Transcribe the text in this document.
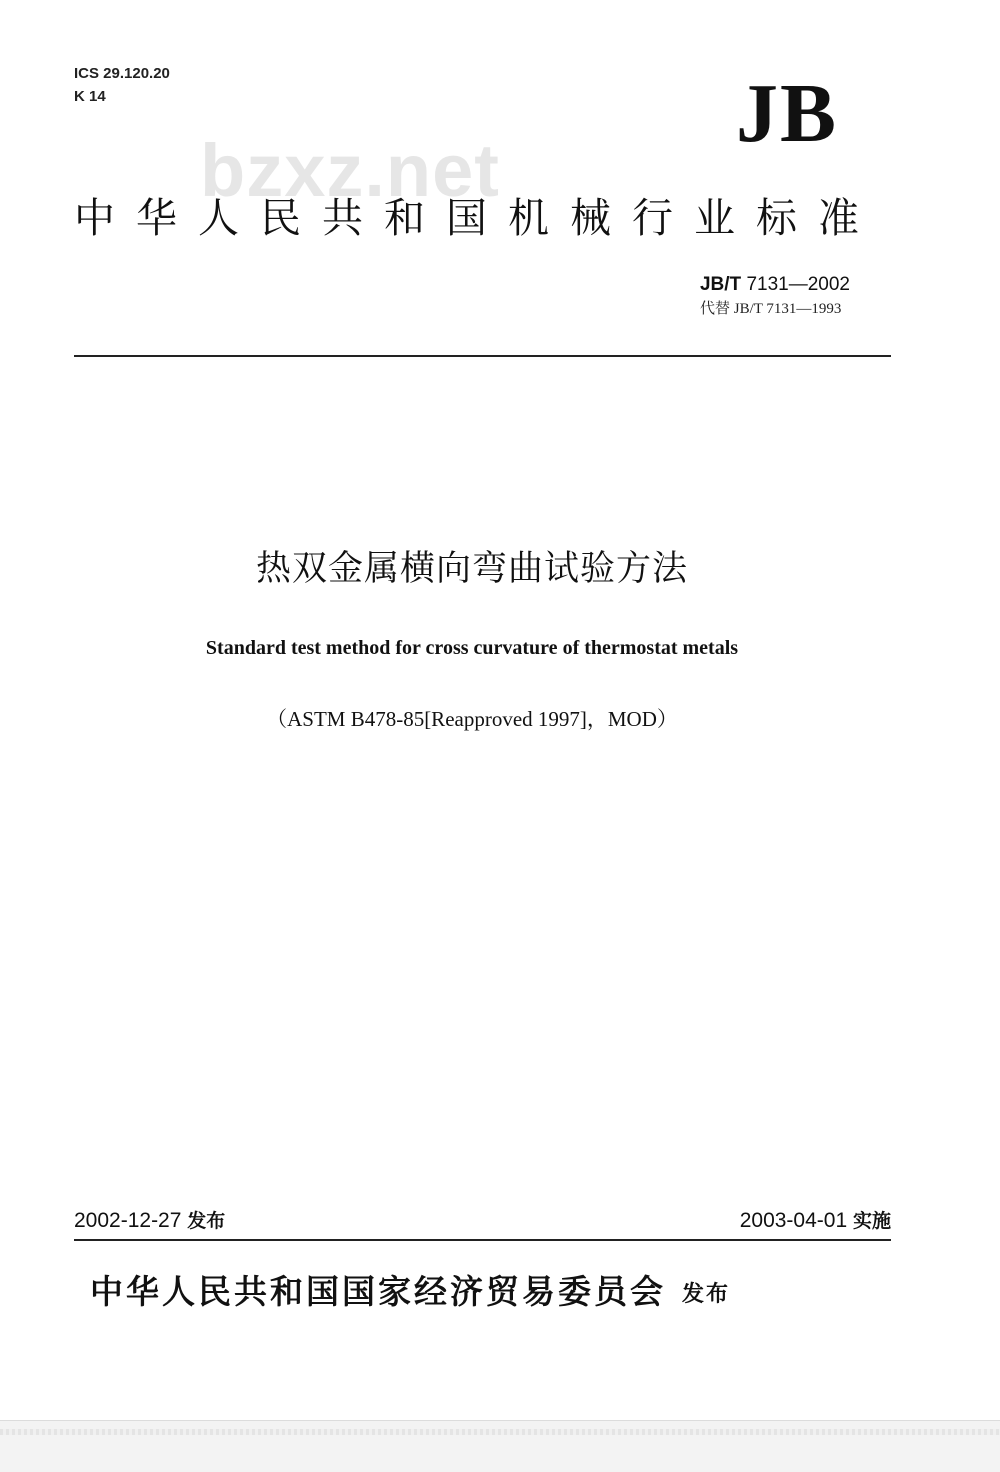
ICS 29.120.20
K 14
bzxz.net
JB
中华人民共和国机械行业标准
JB/T 7131—2002
代替 JB/T 7131—1993
热双金属横向弯曲试验方法
Standard test method for cross curvature of thermostat metals
（ASTM B478-85[Reapproved 1997]，MOD）
2002-12-27 发布	2003-04-01 实施
中华人民共和国国家经济贸易委员会 发布
